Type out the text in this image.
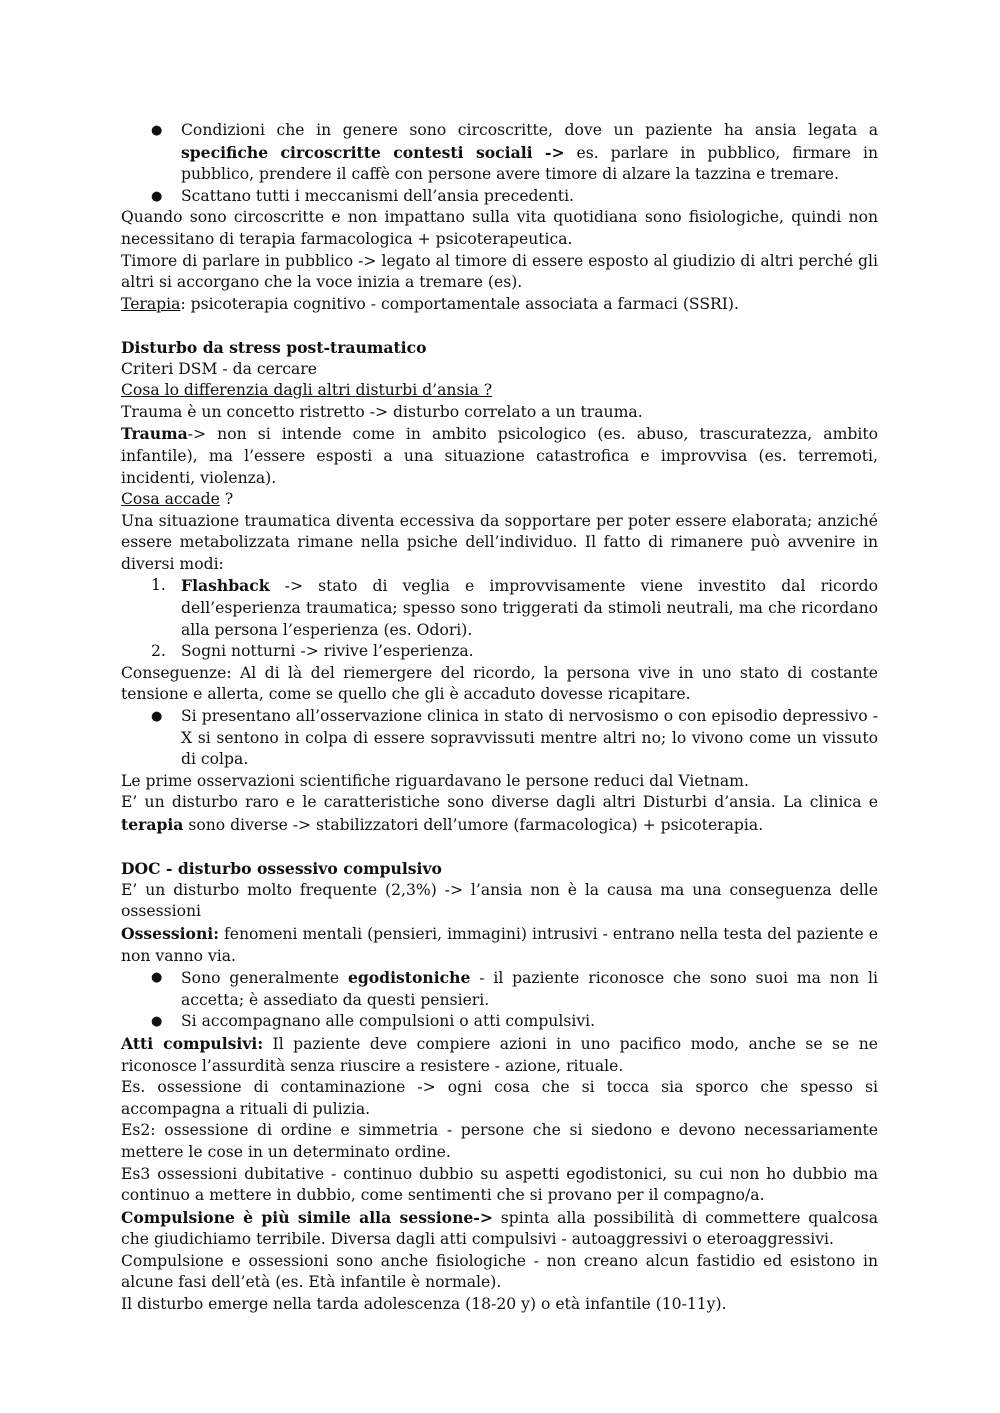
● Condizioni che in genere sono circoscritte, dove un paziente ha ansia legata a specifiche circoscritte contesti sociali -> es. parlare in pubblico, firmare in pubblico, prendere il caffè con persone avere timore di alzare la tazzina e tremare.
● Scattano tutti i meccanismi dell’ansia precedenti.

Quando sono circoscritte e non impattano sulla vita quotidiana sono fisiologiche, quindi non necessitano di terapia farmacologica + psicoterapeutica.

Timore di parlare in pubblico -> legato al timore di essere esposto al giudizio di altri perché gli altri si accorgano che la voce inizia a tremare (es).

Terapia: psicoterapia cognitivo - comportamentale associata a farmaci (SSRI).

Disturbo da stress post-traumatico

Criteri DSM - da cercare

Cosa lo differenzia dagli altri disturbi d’ansia ?

Trauma è un concetto ristretto -> disturbo correlato a un trauma.

Trauma-> non si intende come in ambito psicologico (es. abuso, trascuratezza, ambito infantile), ma l’essere esposti a una situazione catastrofica e improvvisa (es. terremoti, incidenti, violenza).

Cosa accade ?

Una situazione traumatica diventa eccessiva da sopportare per poter essere elaborata; anziché essere metabolizzata rimane nella psiche dell’individuo. Il fatto di rimanere può avvenire in diversi modi:

1. Flashback -> stato di veglia e improvvisamente viene investito dal ricordo dell’esperienza traumatica; spesso sono triggerati da stimoli neutrali, ma che ricordano alla persona l’esperienza (es. Odori).
2. Sogni notturni -> rivive l’esperienza.

Conseguenze: Al di là del riemergere del ricordo, la persona vive in uno stato di costante tensione e allerta, come se quello che gli è accaduto dovesse ricapitare.

● Si presentano all’osservazione clinica in stato di nervosismo o con episodio depressivo -X si sentono in colpa di essere sopravvissuti mentre altri no; lo vivono come un vissuto di colpa.

Le prime osservazioni scientifiche riguardavano le persone reduci dal Vietnam.

E’ un disturbo raro e le caratteristiche sono diverse dagli altri Disturbi d’ansia. La clinica e terapia sono diverse -> stabilizzatori dell’umore (farmacologica) + psicoterapia.

DOC - disturbo ossessivo compulsivo

E’ un disturbo molto frequente (2,3%) -> l’ansia non è la causa ma una conseguenza delle ossessioni

Ossessioni: fenomeni mentali (pensieri, immagini) intrusivi - entrano nella testa del paziente e non vanno via.

● Sono generalmente egodistoniche - il paziente riconosce che sono suoi ma non li accetta; è assediato da questi pensieri.
● Si accompagnano alle compulsioni o atti compulsivi.

Atti compulsivi: Il paziente deve compiere azioni in uno pacifico modo, anche se se ne riconosce l’assurdità senza riuscire a resistere - azione, rituale.

Es. ossessione di contaminazione -> ogni cosa che si tocca sia sporco che spesso si accompagna a rituali di pulizia.

Es2: ossessione di ordine e simmetria - persone che si siedono e devono necessariamente mettere le cose in un determinato ordine.

Es3 ossessioni dubitative - continuo dubbio su aspetti egodistonici, su cui non ho dubbio ma continuo a mettere in dubbio, come sentimenti che si provano per il compagno/a.

Compulsione è più simile alla sessione-> spinta alla possibilità di commettere qualcosa che giudichiamo terribile. Diversa dagli atti compulsivi - autoaggressivi o eteroaggressivi.

Compulsione e ossessioni sono anche fisiologiche - non creano alcun fastidio ed esistono in alcune fasi dell’età (es. Età infantile è normale).

Il disturbo emerge nella tarda adolescenza (18-20 y) o età infantile (10-11y).
